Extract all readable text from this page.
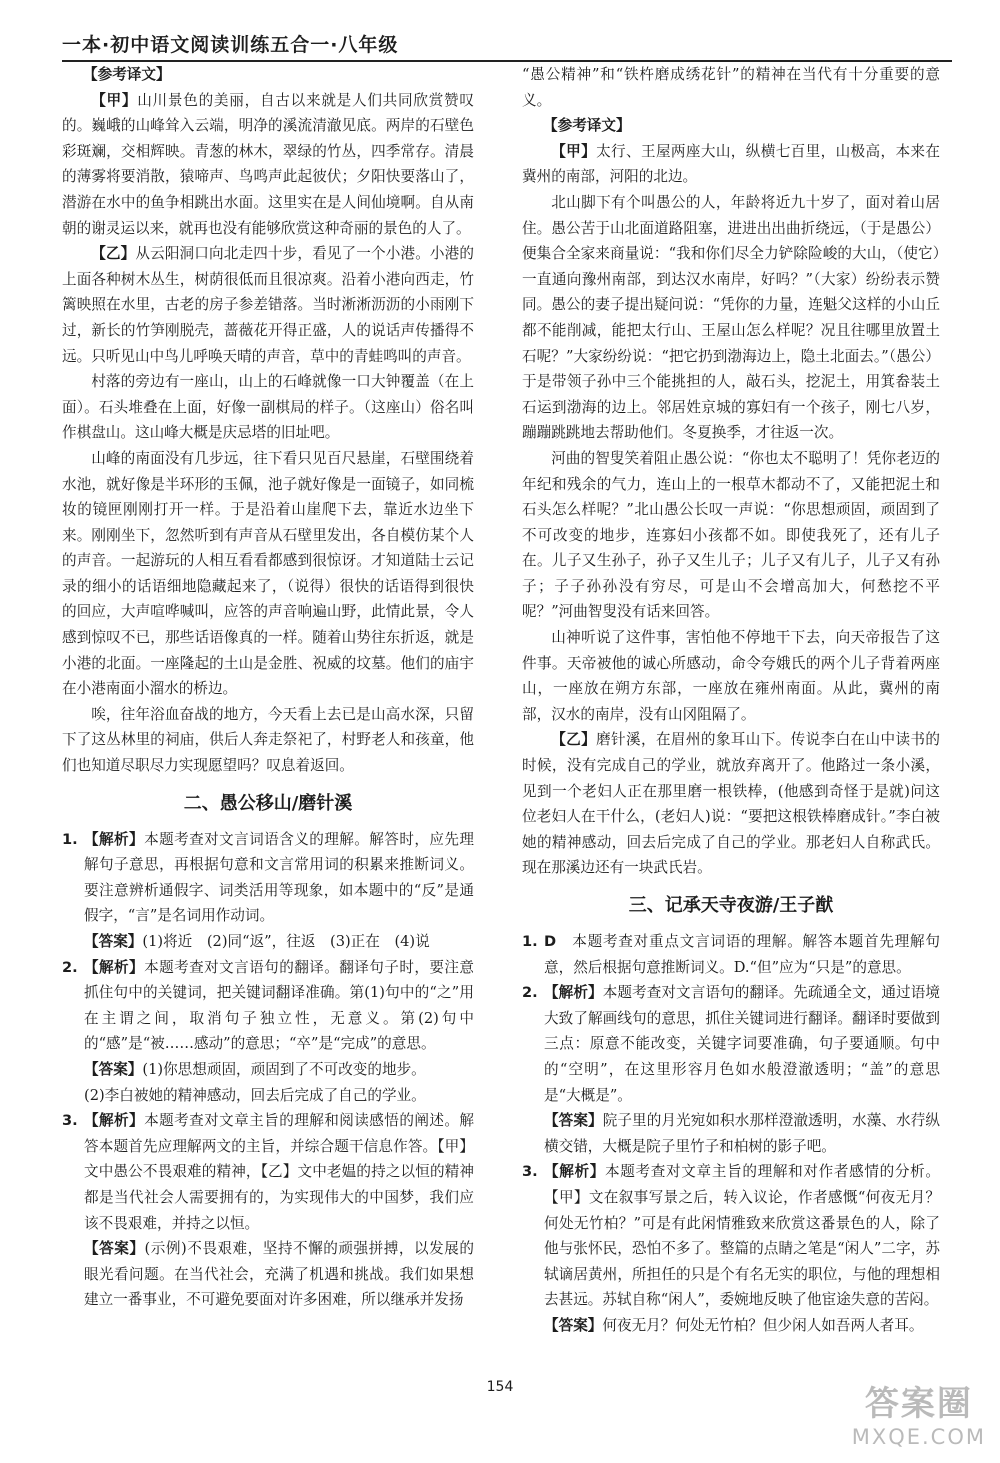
一本·初中语文阅读训练五合一·八年级

【参考译文】

【甲】山川景色的美丽，自古以来就是人们共同欣赏赞叹的。巍峨的山峰耸入云端，明净的溪流清澈见底。两岸的石壁色彩斑斓，交相辉映。青葱的林木，翠绿的竹丛，四季常存。清晨的薄雾将要消散，猿啼声、鸟鸣声此起彼伏；夕阳快要落山了，潜游在水中的鱼争相跳出水面。这里实在是人间仙境啊。自从南朝的谢灵运以来，就再也没有能够欣赏这种奇丽的景色的人了。

【乙】从云阳洞口向北走四十步，看见了一个小港。小港的上面各种树木丛生，树荫很低而且很凉爽。沿着小港向西走，竹篱映照在水里，古老的房子参差错落。当时淅淅沥沥的小雨刚下过，新长的竹笋刚脱壳，蔷薇花开得正盛，人的说话声传播得不远。只听见山中鸟儿呼唤天晴的声音，草中的青蛙鸣叫的声音。

村落的旁边有一座山，山上的石峰就像一口大钟覆盖（在上面）。石头堆叠在上面，好像一副棋局的样子。（这座山）俗名叫作棋盘山。这山峰大概是庆忌塔的旧址吧。

山峰的南面没有几步远，往下看只见百尺悬崖，石壁围绕着水池，就好像是半环形的玉佩，池子就好像是一面镜子，如同梳妆的镜匣刚刚打开一样。于是沿着山崖爬下去，靠近水边坐下来。刚刚坐下，忽然听到有声音从石壁里发出，各自模仿某个人的声音。一起游玩的人相互看看都感到很惊讶。才知道陆士云记录的细小的话语细地隐藏起来了，（说得）很快的话语得到很快的回应，大声喧哗喊叫，应答的声音响遍山野，此情此景，令人感到惊叹不已，那些话语像真的一样。随着山势往东折返，就是小港的北面。一座隆起的土山是金胜、祝威的坟墓。他们的庙宇在小港南面小溜水的桥边。

唉，往年浴血奋战的地方，今天看上去已是山高水深，只留下了这丛林里的祠庙，供后人奔走祭祀了，村野老人和孩童，他们也知道尽职尽力实现愿望吗？叹息着返回。

二、愚公移山/磨针溪

1. 【解析】本题考查对文言词语含义的理解。解答时，应先理解句子意思，再根据句意和文言常用词的积累来推断词义。要注意辨析通假字、词类活用等现象，如本题中的“反”是通假字，“言”是名词用作动词。

【答案】(1)将近　(2)同“返”，往返　(3)正在　(4)说

2. 【解析】本题考查对文言语句的翻译。翻译句子时，要注意抓住句中的关键词，把关键词翻译准确。第(1)句中的“之”用在主谓之间，取消句子独立性，无意义。第(2)句中的“感”是“被……感动”的意思；“卒”是“完成”的意思。

【答案】(1)你思想顽固，顽固到了不可改变的地步。

(2)李白被她的精神感动，回去后完成了自己的学业。

3. 【解析】本题考查对文章主旨的理解和阅读感悟的阐述。解答本题首先应理解两文的主旨，并综合题干信息作答。【甲】文中愚公不畏艰难的精神，【乙】文中老媪的持之以恒的精神都是当代社会人需要拥有的，为实现伟大的中国梦，我们应该不畏艰难，并持之以恒。

【答案】(示例)不畏艰难，坚持不懈的顽强拼搏，以发展的眼光看问题。在当代社会，充满了机遇和挑战。我们如果想建立一番事业，不可避免要面对许多困难，所以继承并发扬

“愚公精神”和“铁杵磨成绣花针”的精神在当代有十分重要的意义。

【参考译文】

【甲】太行、王屋两座大山，纵横七百里，山极高，本来在冀州的南部，河阳的北边。

北山脚下有个叫愚公的人，年龄将近九十岁了，面对着山居住。愚公苦于山北面道路阻塞，进进出出曲折绕远，（于是愚公）便集合全家来商量说：“我和你们尽全力铲除险峻的大山，（使它）一直通向豫州南部，到达汉水南岸，好吗？”（大家）纷纷表示赞同。愚公的妻子提出疑问说：“凭你的力量，连魁父这样的小山丘都不能削减，能把太行山、王屋山怎么样呢？况且往哪里放置土石呢？”大家纷纷说：“把它扔到渤海边上，隐土北面去。”（愚公）于是带领子孙中三个能挑担的人，敲石头，挖泥土，用箕畚装土石运到渤海的边上。邻居姓京城的寡妇有一个孩子，刚七八岁，蹦蹦跳跳地去帮助他们。冬夏换季，才往返一次。

河曲的智叟笑着阻止愚公说：“你也太不聪明了！凭你老迈的年纪和残余的气力，连山上的一根草木都动不了，又能把泥土和石头怎么样呢？”北山愚公长叹一声说：“你思想顽固，顽固到了不可改变的地步，连寡妇小孩都不如。即使我死了，还有儿子在。儿子又生孙子，孙子又生儿子；儿子又有儿子，儿子又有孙子；子子孙孙没有穷尽，可是山不会增高加大，何愁挖不平呢？”河曲智叟没有话来回答。

山神听说了这件事，害怕他不停地干下去，向天帝报告了这件事。天帝被他的诚心所感动，命令夸娥氏的两个儿子背着两座山，一座放在朔方东部，一座放在雍州南面。从此，冀州的南部，汉水的南岸，没有山冈阻隔了。

【乙】磨针溪，在眉州的象耳山下。传说李白在山中读书的时候，没有完成自己的学业，就放弃离开了。他路过一条小溪，见到一个老妇人正在那里磨一根铁棒，(他感到奇怪于是就)问这位老妇人在干什么，(老妇人)说：“要把这根铁棒磨成针。”李白被她的精神感动，回去后完成了自己的学业。那老妇人自称武氏。现在那溪边还有一块武氏岩。

三、记承天寺夜游/王子猷

1. D　 本题考查对重点文言词语的理解。解答本题首先理解句意，然后根据句意推断词义。D.“但”应为“只是”的意思。

2. 【解析】本题考查对文言语句的翻译。先疏通全文，通过语境大致了解画线句的意思，抓住关键词进行翻译。翻译时要做到三点：原意不能改变，关键字词要准确，句子要通顺。句中的“空明”，在这里形容月色如水般澄澈透明；“盖”的意思是“大概是”。

【答案】院子里的月光宛如积水那样澄澈透明，水藻、水荇纵横交错，大概是院子里竹子和柏树的影子吧。

3. 【解析】本题考查对文章主旨的理解和对作者感情的分析。【甲】文在叙事写景之后，转入议论，作者感慨“何夜无月？何处无竹柏？”可是有此闲情雅致来欣赏这番景色的人，除了他与张怀民，恐怕不多了。整篇的点睛之笔是“闲人”二字，苏轼谪居黄州，所担任的只是个有名无实的职位，与他的理想相去甚远。苏轼自称“闲人”，委婉地反映了他宦途失意的苦闷。

【答案】何夜无月？何处无竹柏？但少闲人如吾两人者耳。

154	答案圈
MXQE.COM
